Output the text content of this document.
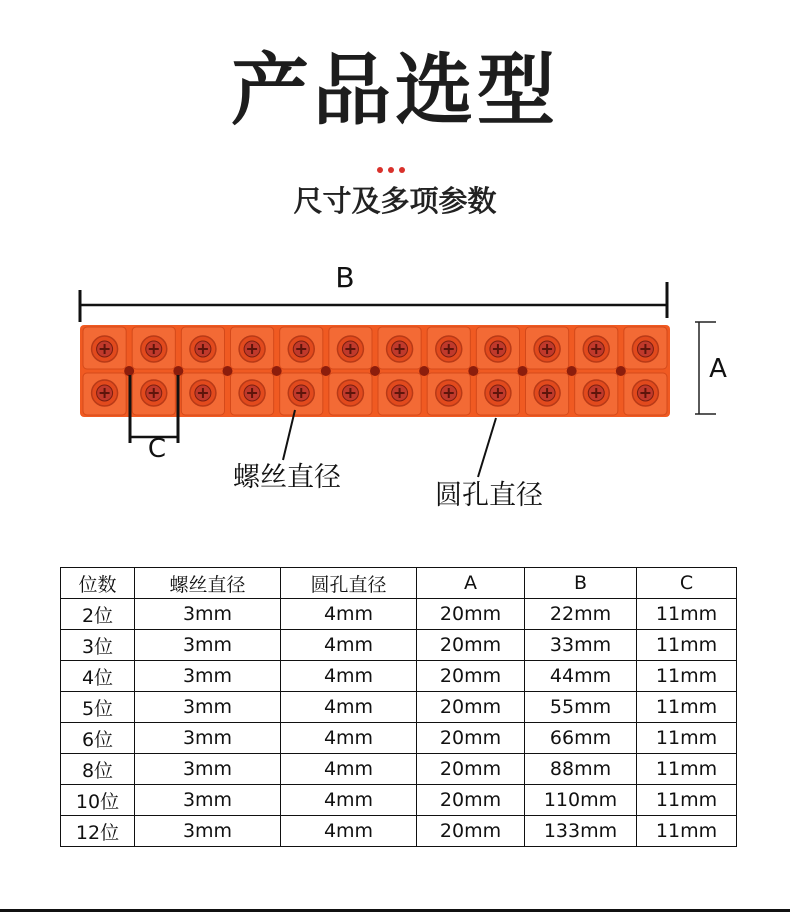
产品选型
尺寸及多项参数
B
A
C
螺丝直径
圆孔直径
位数	螺丝直径	圆孔直径	A	B	C
2位	3mm	4mm	20mm	22mm	11mm
3位	3mm	4mm	20mm	33mm	11mm
4位	3mm	4mm	20mm	44mm	11mm
5位	3mm	4mm	20mm	55mm	11mm
6位	3mm	4mm	20mm	66mm	11mm
8位	3mm	4mm	20mm	88mm	11mm
10位	3mm	4mm	20mm	110mm	11mm
12位	3mm	4mm	20mm	133mm	11mm
